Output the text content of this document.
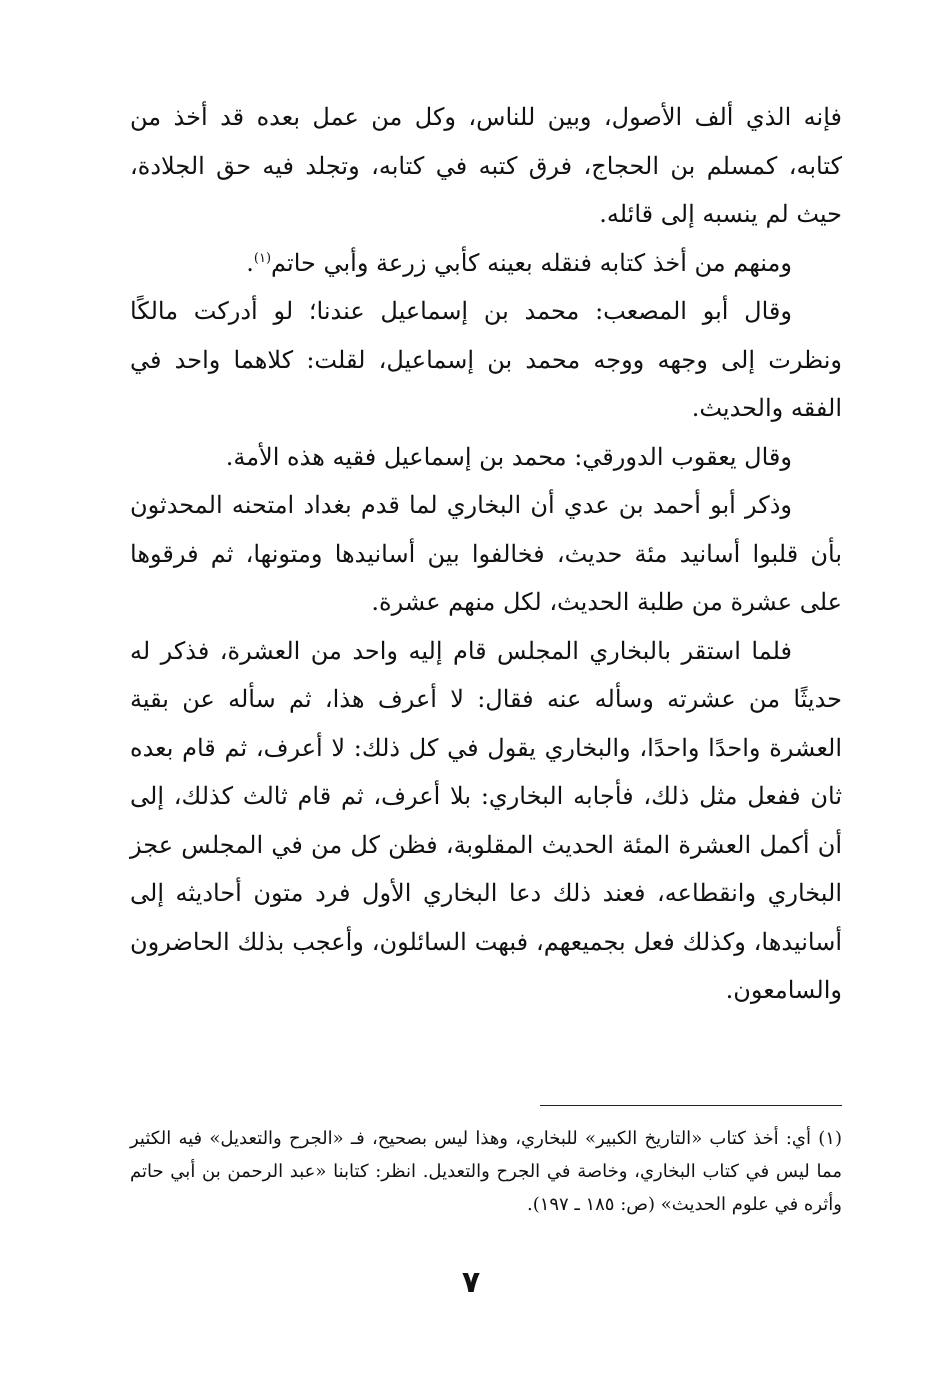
فإنه الذي ألف الأصول، وبين للناس، وكل من عمل بعده قد أخذ من كتابه، كمسلم بن الحجاج، فرق كتبه في كتابه، وتجلد فيه حق الجلادة، حيث لم ينسبه إلى قائله.

ومنهم من أخذ كتابه فنقله بعينه كأبي زرعة وأبي حاتم$^{(١)}$.

وقال أبو المصعب: محمد بن إسماعيل عندنا؛ لو أدركت مالكًا ونظرت إلى وجهه ووجه محمد بن إسماعيل، لقلت: كلاهما واحد في الفقه والحديث.

وقال يعقوب الدورقي: محمد بن إسماعيل فقيه هذه الأمة.

وذكر أبو أحمد بن عدي أن البخاري لما قدم بغداد امتحنه المحدثون بأن قلبوا أسانيد مئة حديث، فخالفوا بين أسانيدها ومتونها، ثم فرقوها على عشرة من طلبة الحديث، لكل منهم عشرة.

فلما استقر بالبخاري المجلس قام إليه واحد من العشرة، فذكر له حديثًا من عشرته وسأله عنه فقال: لا أعرف هذا، ثم سأله عن بقية العشرة واحدًا واحدًا، والبخاري يقول في كل ذلك: لا أعرف، ثم قام بعده ثان ففعل مثل ذلك، فأجابه البخاري: بلا أعرف، ثم قام ثالث كذلك، إلى أن أكمل العشرة المئة الحديث المقلوبة، فظن كل من في المجلس عجز البخاري وانقطاعه، فعند ذلك دعا البخاري الأول فرد متون أحاديثه إلى أسانيدها، وكذلك فعل بجميعهم، فبهت السائلون، وأعجب بذلك الحاضرون والسامعون.

(١) أي: أخذ كتاب «التاريخ الكبير» للبخاري، وهذا ليس بصحيح، فـ «الجرح والتعديل» فيه الكثير مما ليس في كتاب البخاري، وخاصة في الجرح والتعديل. انظر: كتابنا «عبد الرحمن بن أبي حاتم وأثره في علوم الحديث» (ص: ١٨٥ ـ ١٩٧).

٧
